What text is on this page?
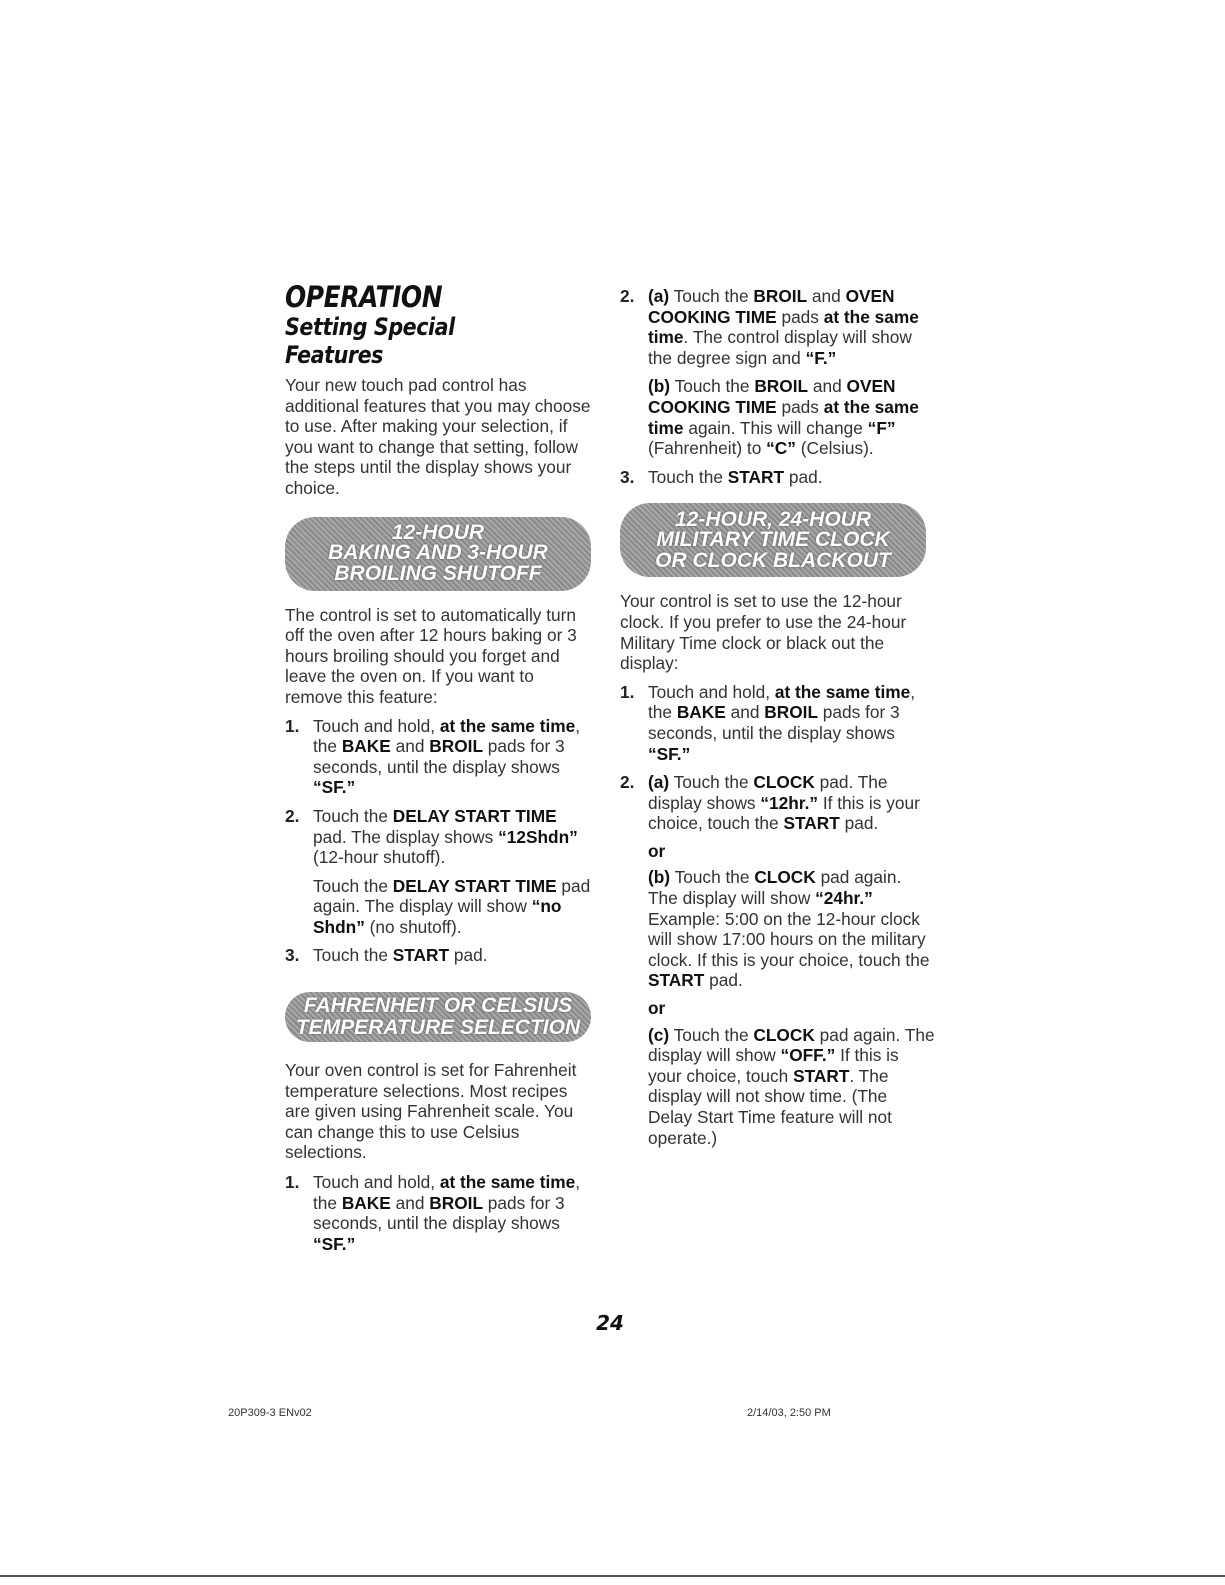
OPERATION
Setting Special Features

Your new touch pad control has additional features that you may choose to use. After making your selection, if you want to change that setting, follow the steps until the display shows your choice.

12-HOUR
BAKING AND 3-HOUR
BROILING SHUTOFF

The control is set to automatically turn off the oven after 12 hours baking or 3 hours broiling should you forget and leave the oven on. If you want to remove this feature:

1. Touch and hold, at the same time, the BAKE and BROIL pads for 3 seconds, until the display shows “SF.”
2. Touch the DELAY START TIME pad. The display shows “12Shdn” (12-hour shutoff).
Touch the DELAY START TIME pad again. The display will show “no Shdn” (no shutoff).
3. Touch the START pad.
FAHRENHEIT OR CELSIUS
TEMPERATURE SELECTION

Your oven control is set for Fahrenheit temperature selections. Most recipes are given using Fahrenheit scale. You can change this to use Celsius selections.

1. Touch and hold, at the same time, the BAKE and BROIL pads for 3 seconds, until the display shows “SF.”
2. (a) Touch the BROIL and OVEN COOKING TIME pads at the same time. The control display will show the degree sign and “F.”
(b) Touch the BROIL and OVEN COOKING TIME pads at the same time again. This will change “F” (Fahrenheit) to “C” (Celsius).
3. Touch the START pad.
12-HOUR, 24-HOUR
MILITARY TIME CLOCK
OR CLOCK BLACKOUT

Your control is set to use the 12-hour clock. If you prefer to use the 24-hour Military Time clock or black out the display:

1. Touch and hold, at the same time, the BAKE and BROIL pads for 3 seconds, until the display shows “SF.”
2. (a) Touch the CLOCK pad. The display shows “12hr.” If this is your choice, touch the START pad.
or
(b) Touch the CLOCK pad again. The display will show “24hr.” Example: 5:00 on the 12-hour clock will show 17:00 hours on the military clock. If this is your choice, touch the START pad.
or
(c) Touch the CLOCK pad again. The display will show “OFF.” If this is your choice, touch START. The display will not show time. (The Delay Start Time feature will not operate.)
24
20P309-3 ENv02	2/14/03, 2:50 PM
